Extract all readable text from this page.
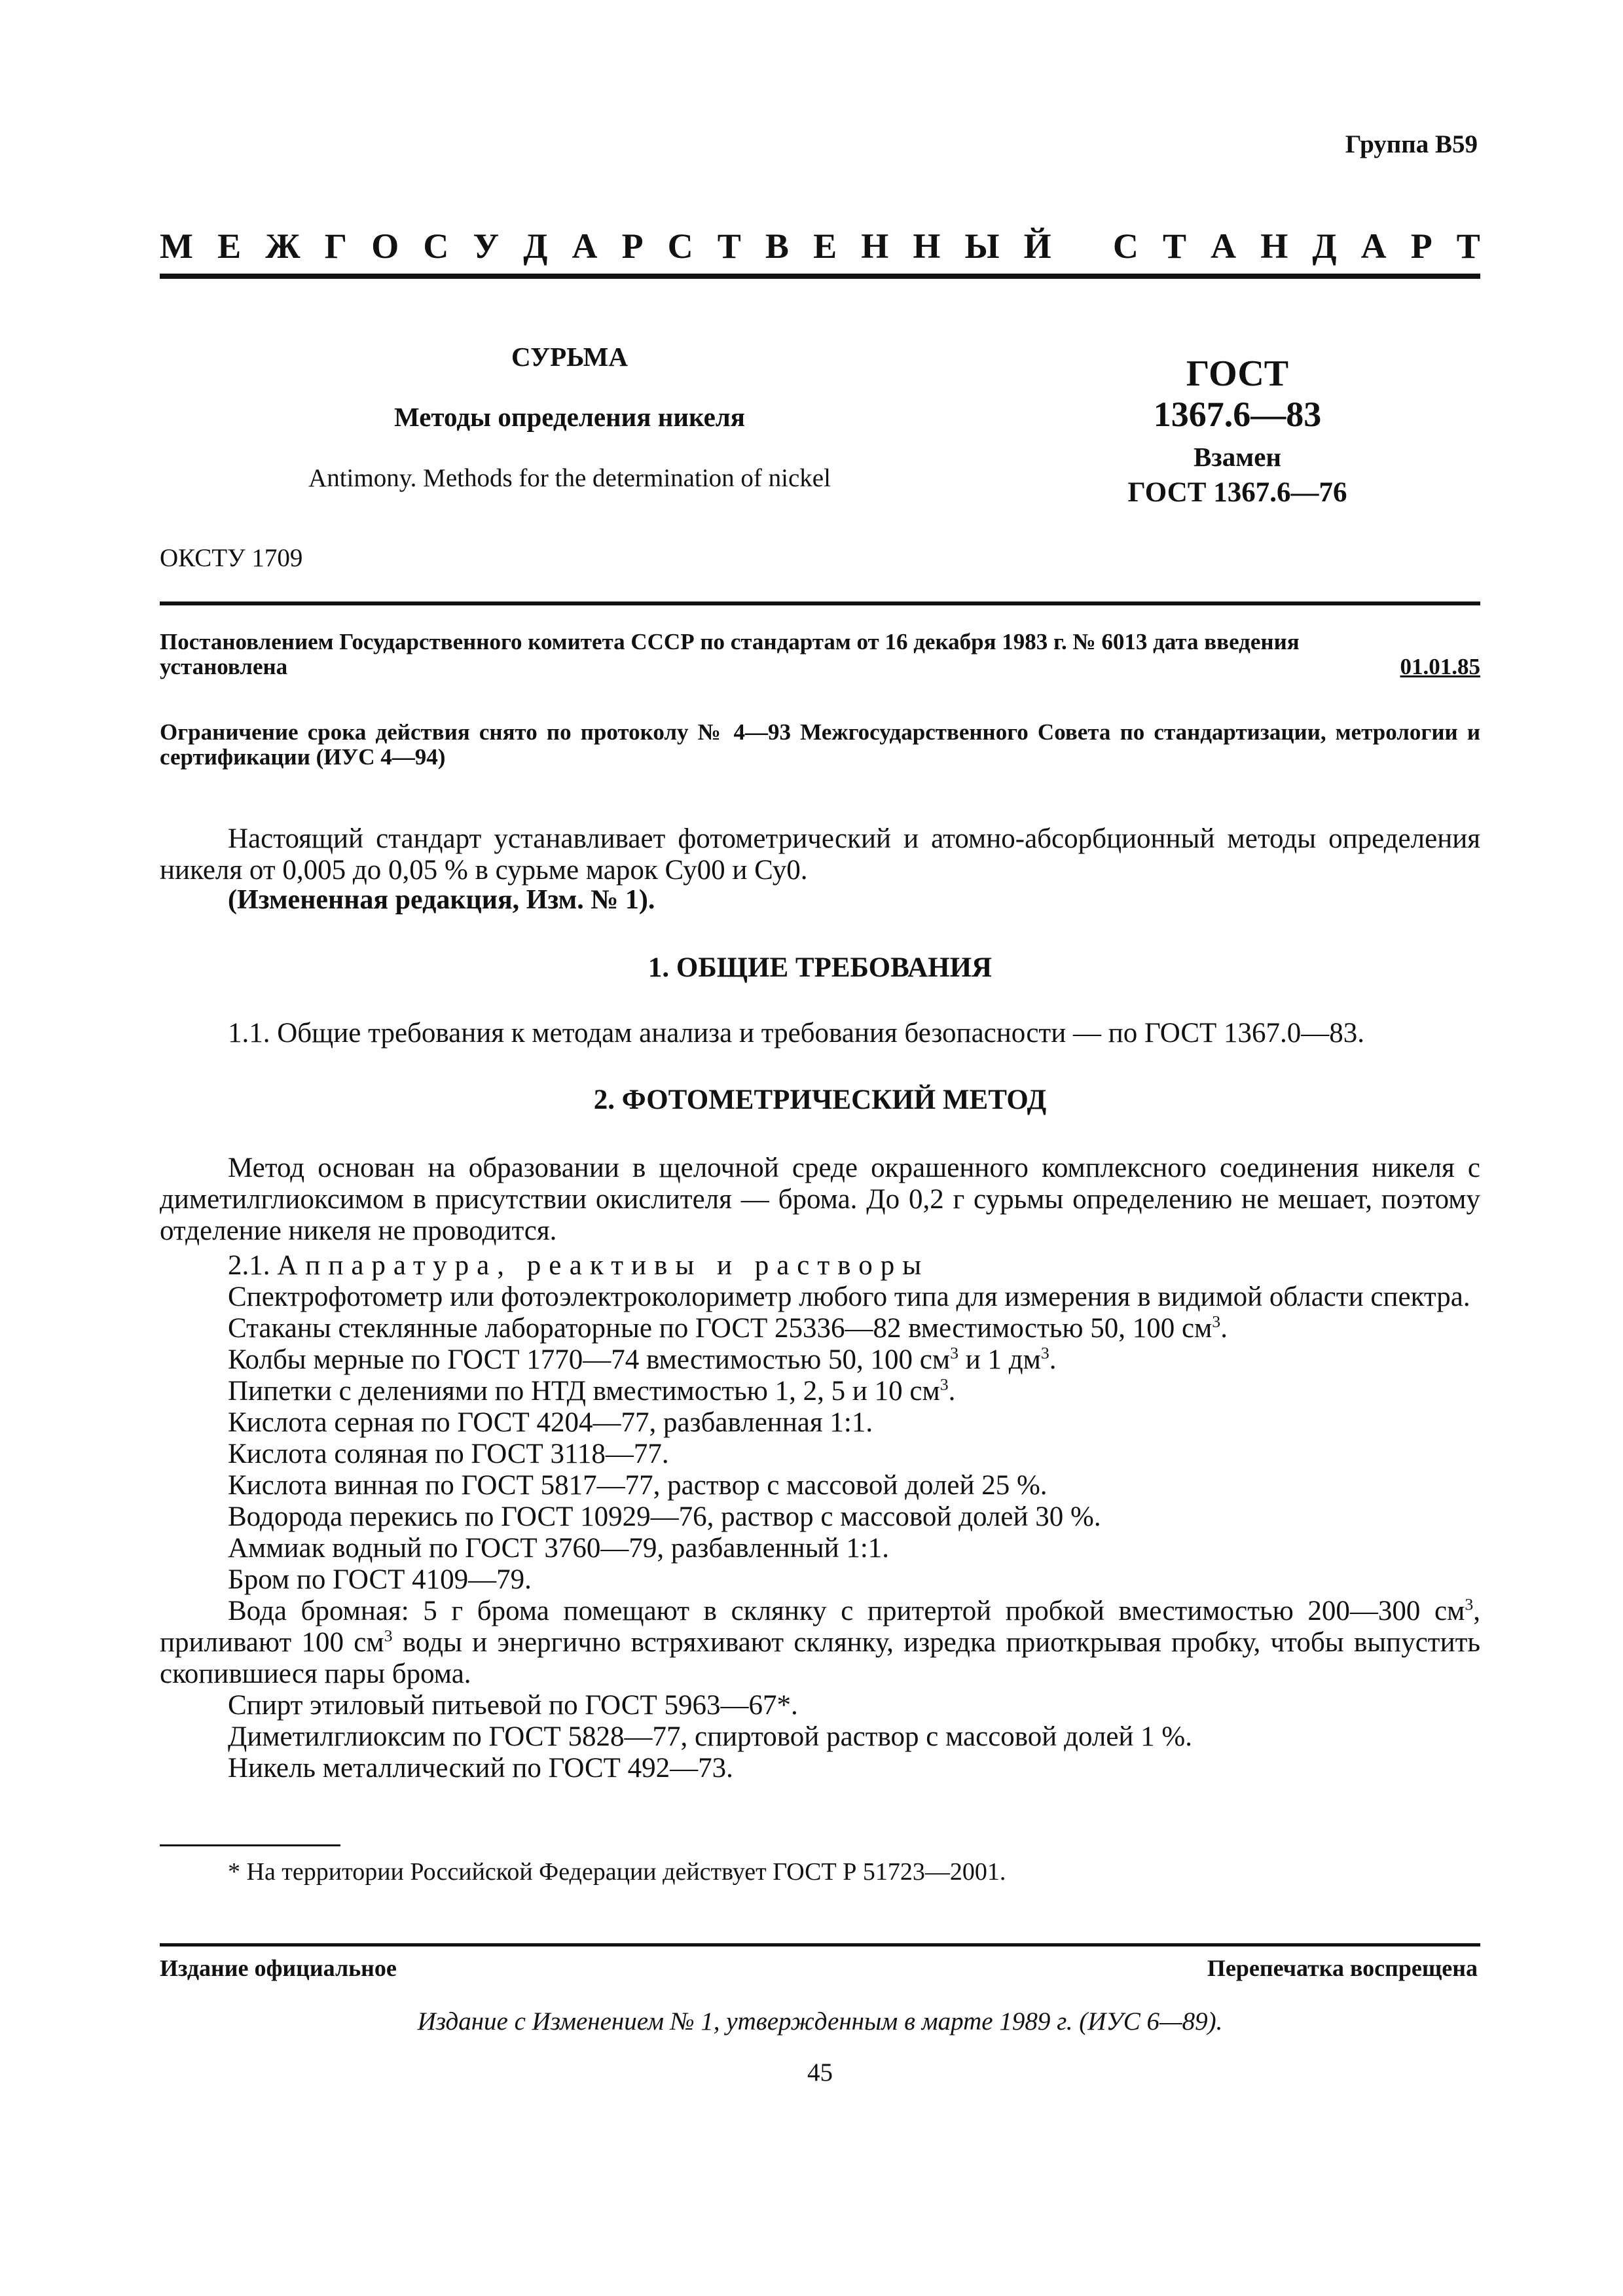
Группа В59
М Е Ж Г О С У Д А Р С Т В Е Н Н Ы Й С Т А Н Д А Р Т
СУРЬМА
Методы определения никеля
Antimony. Methods for the determination of nickel
ГОСТ
1367.6—83
Взамен
ГОСТ 1367.6—76
ОКСТУ 1709
Постановлением Государственного комитета СССР по стандартам от 16 декабря 1983 г. № 6013 дата введения
установлена	01.01.85
Ограничение срока действия снято по протоколу № 4—93 Межгосударственного Совета по стандартизации, метрологии и сертификации (ИУС 4—94)
Настоящий стандарт устанавливает фотометрический и атомно-абсорбционный методы определения никеля от 0,005 до 0,05 % в сурьме марок Су00 и Су0.
(Измененная редакция, Изм. № 1).
1. ОБЩИЕ ТРЕБОВАНИЯ
1.1. Общие требования к методам анализа и требования безопасности — по ГОСТ 1367.0—83.
2. ФОТОМЕТРИЧЕСКИЙ МЕТОД
Метод основан на образовании в щелочной среде окрашенного комплексного соединения никеля с диметилглиоксимом в присутствии окислителя — брома. До 0,2 г сурьмы определению не мешает, поэтому отделение никеля не проводится.

2.1. Аппаратура, реактивы и растворы

Спектрофотометр или фотоэлектроколориметр любого типа для измерения в видимой области спектра.

Стаканы стеклянные лабораторные по ГОСТ 25336—82 вместимостью 50, 100 $см^3$.

Колбы мерные по ГОСТ 1770—74 вместимостью 50, 100 $см^3$ и 1 $дм^3$.

Пипетки с делениями по НТД вместимостью 1, 2, 5 и 10 $см^3$.

Кислота серная по ГОСТ 4204—77, разбавленная 1:1.

Кислота соляная по ГОСТ 3118—77.

Кислота винная по ГОСТ 5817—77, раствор с массовой долей 25 %.

Водорода перекись по ГОСТ 10929—76, раствор с массовой долей 30 %.

Аммиак водный по ГОСТ 3760—79, разбавленный 1:1.

Бром по ГОСТ 4109—79.

Вода бромная: 5 г брома помещают в склянку с притертой пробкой вместимостью 200—300 $см^3$, приливают 100 $см^3$ воды и энергично встряхивают склянку, изредка приоткрывая пробку, чтобы выпустить скопившиеся пары брома.

Спирт этиловый питьевой по ГОСТ 5963—67*.

Диметилглиоксим по ГОСТ 5828—77, спиртовой раствор с массовой долей 1 %.

Никель металлический по ГОСТ 492—73.

* На территории Российской Федерации действует ГОСТ Р 51723—2001.
Издание официальное	Перепечатка воспрещена
Издание с Изменением № 1, утвержденным в марте 1989 г. (ИУС 6—89).
45
